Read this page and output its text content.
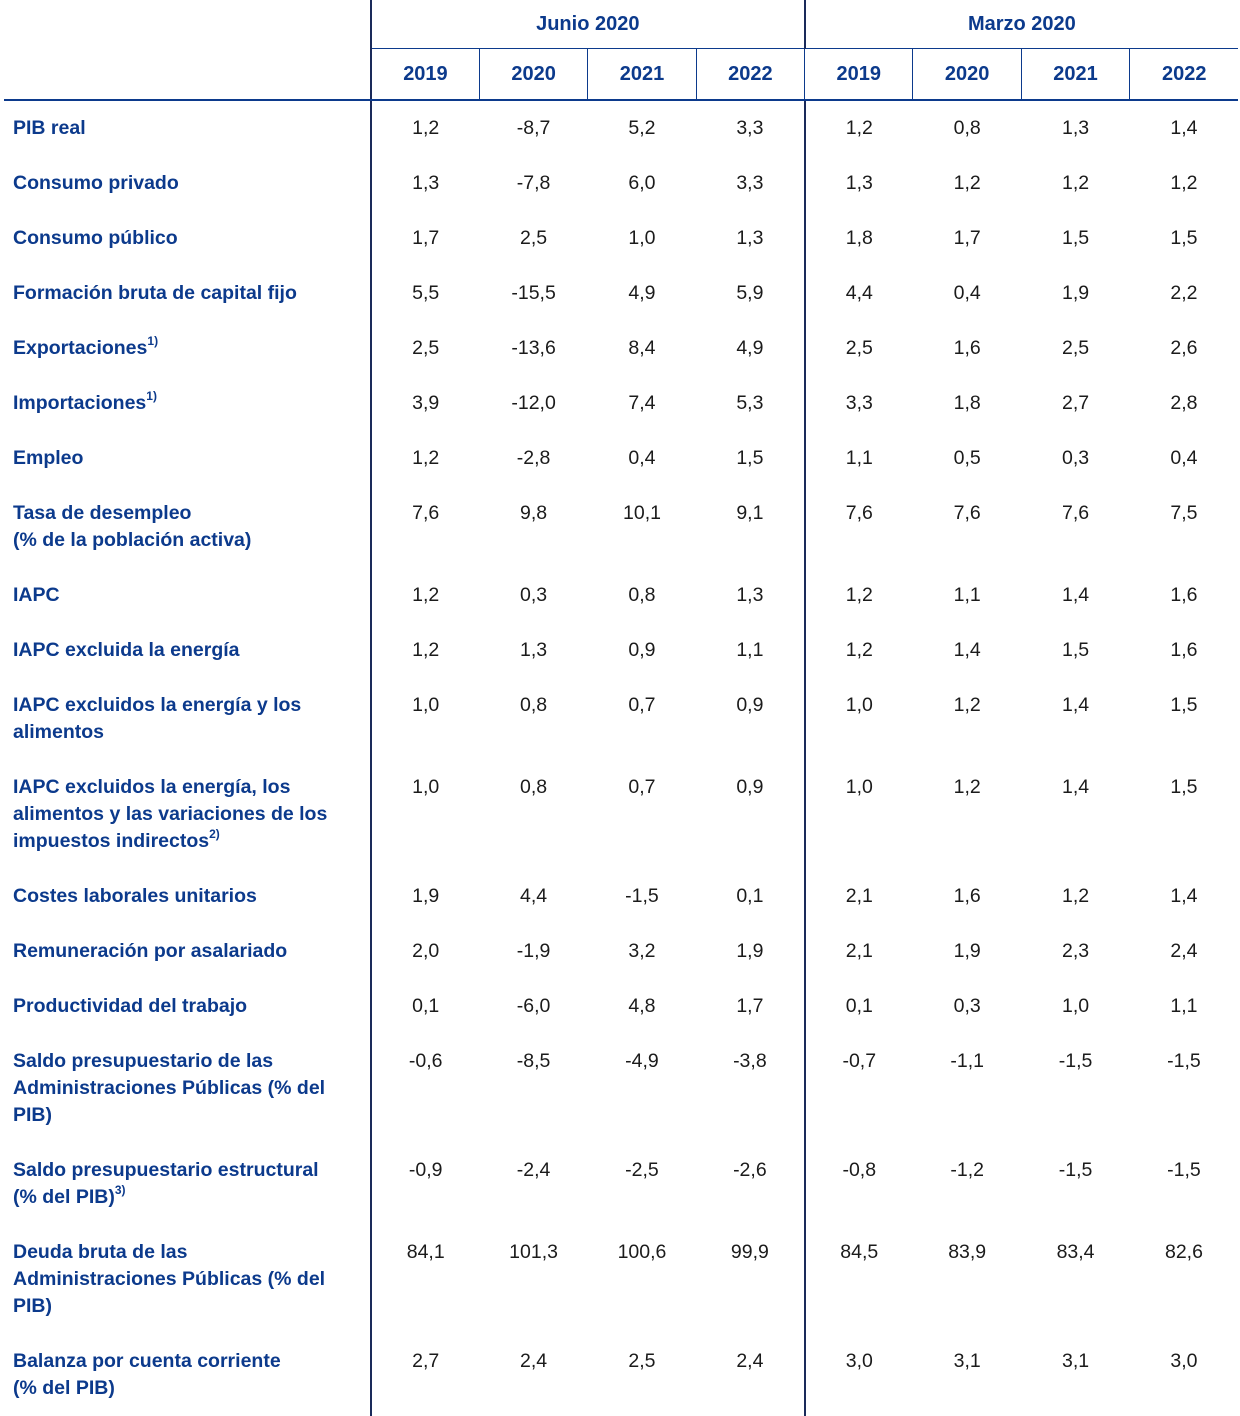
	Junio 2020				Marzo 2020			
	2019	2020	2021	2022	2019	2020	2021	2022
PIB real	1,2	-8,7	5,2	3,3	1,2	0,8	1,3	1,4
Consumo privado	1,3	-7,8	6,0	3,3	1,3	1,2	1,2	1,2
Consumo público	1,7	2,5	1,0	1,3	1,8	1,7	1,5	1,5
Formación bruta de capital fijo	5,5	-15,5	4,9	5,9	4,4	0,4	1,9	2,2
Exportaciones$^{1)}$	2,5	-13,6	8,4	4,9	2,5	1,6	2,5	2,6
Importaciones$^{1)}$	3,9	-12,0	7,4	5,3	3,3	1,8	2,7	2,8
Empleo	1,2	-2,8	0,4	1,5	1,1	0,5	0,3	0,4
Tasa de desempleo
(% de la población activa)	7,6	9,8	10,1	9,1	7,6	7,6	7,6	7,5
IAPC	1,2	0,3	0,8	1,3	1,2	1,1	1,4	1,6
IAPC excluida la energía	1,2	1,3	0,9	1,1	1,2	1,4	1,5	1,6
IAPC excluidos la energía y los
alimentos	1,0	0,8	0,7	0,9	1,0	1,2	1,4	1,5
IAPC excluidos la energía, los
alimentos y las variaciones de los
impuestos indirectos$^{2)}$	1,0	0,8	0,7	0,9	1,0	1,2	1,4	1,5
Costes laborales unitarios	1,9	4,4	-1,5	0,1	2,1	1,6	1,2	1,4
Remuneración por asalariado	2,0	-1,9	3,2	1,9	2,1	1,9	2,3	2,4
Productividad del trabajo	0,1	-6,0	4,8	1,7	0,1	0,3	1,0	1,1
Saldo presupuestario de las
Administraciones Públicas (% del
PIB)	-0,6	-8,5	-4,9	-3,8	-0,7	-1,1	-1,5	-1,5
Saldo presupuestario estructural
(% del PIB)$^{3)}$	-0,9	-2,4	-2,5	-2,6	-0,8	-1,2	-1,5	-1,5
Deuda bruta de las
Administraciones Públicas (% del
PIB)	84,1	101,3	100,6	99,9	84,5	83,9	83,4	82,6
Balanza por cuenta corriente
(% del PIB)	2,7	2,4	2,5	2,4	3,0	3,1	3,1	3,0
